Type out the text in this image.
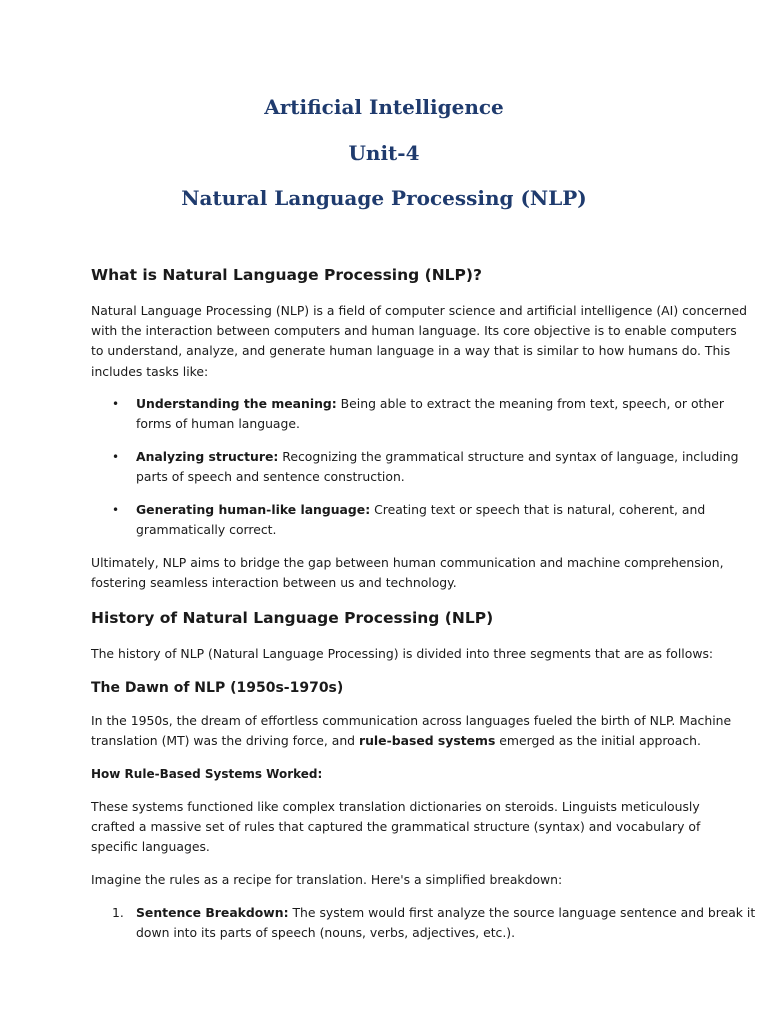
Artificial Intelligence
Unit-4
Natural Language Processing (NLP)
What is Natural Language Processing (NLP)?

Natural Language Processing (NLP) is a field of computer science and artificial intelligence (AI) concerned
with the interaction between computers and human language. Its core objective is to enable computers
to understand, analyze, and generate human language in a way that is similar to how humans do. This
includes tasks like:

•	Understanding the meaning: Being able to extract the meaning from text, speech, or other
forms of human language.
•	Analyzing structure: Recognizing the grammatical structure and syntax of language, including
parts of speech and sentence construction.
•	Generating human-like language: Creating text or speech that is natural, coherent, and
grammatically correct.

Ultimately, NLP aims to bridge the gap between human communication and machine comprehension,
fostering seamless interaction between us and technology.

History of Natural Language Processing (NLP)

The history of NLP (Natural Language Processing) is divided into three segments that are as follows:

The Dawn of NLP (1950s-1970s)

In the 1950s, the dream of effortless communication across languages fueled the birth of NLP. Machine
translation (MT) was the driving force, and rule-based systems emerged as the initial approach.

How Rule-Based Systems Worked:

These systems functioned like complex translation dictionaries on steroids. Linguists meticulously
crafted a massive set of rules that captured the grammatical structure (syntax) and vocabulary of
specific languages.

Imagine the rules as a recipe for translation. Here's a simplified breakdown:

1. Sentence Breakdown: The system would first analyze the source language sentence and break it
down into its parts of speech (nouns, verbs, adjectives, etc.).
